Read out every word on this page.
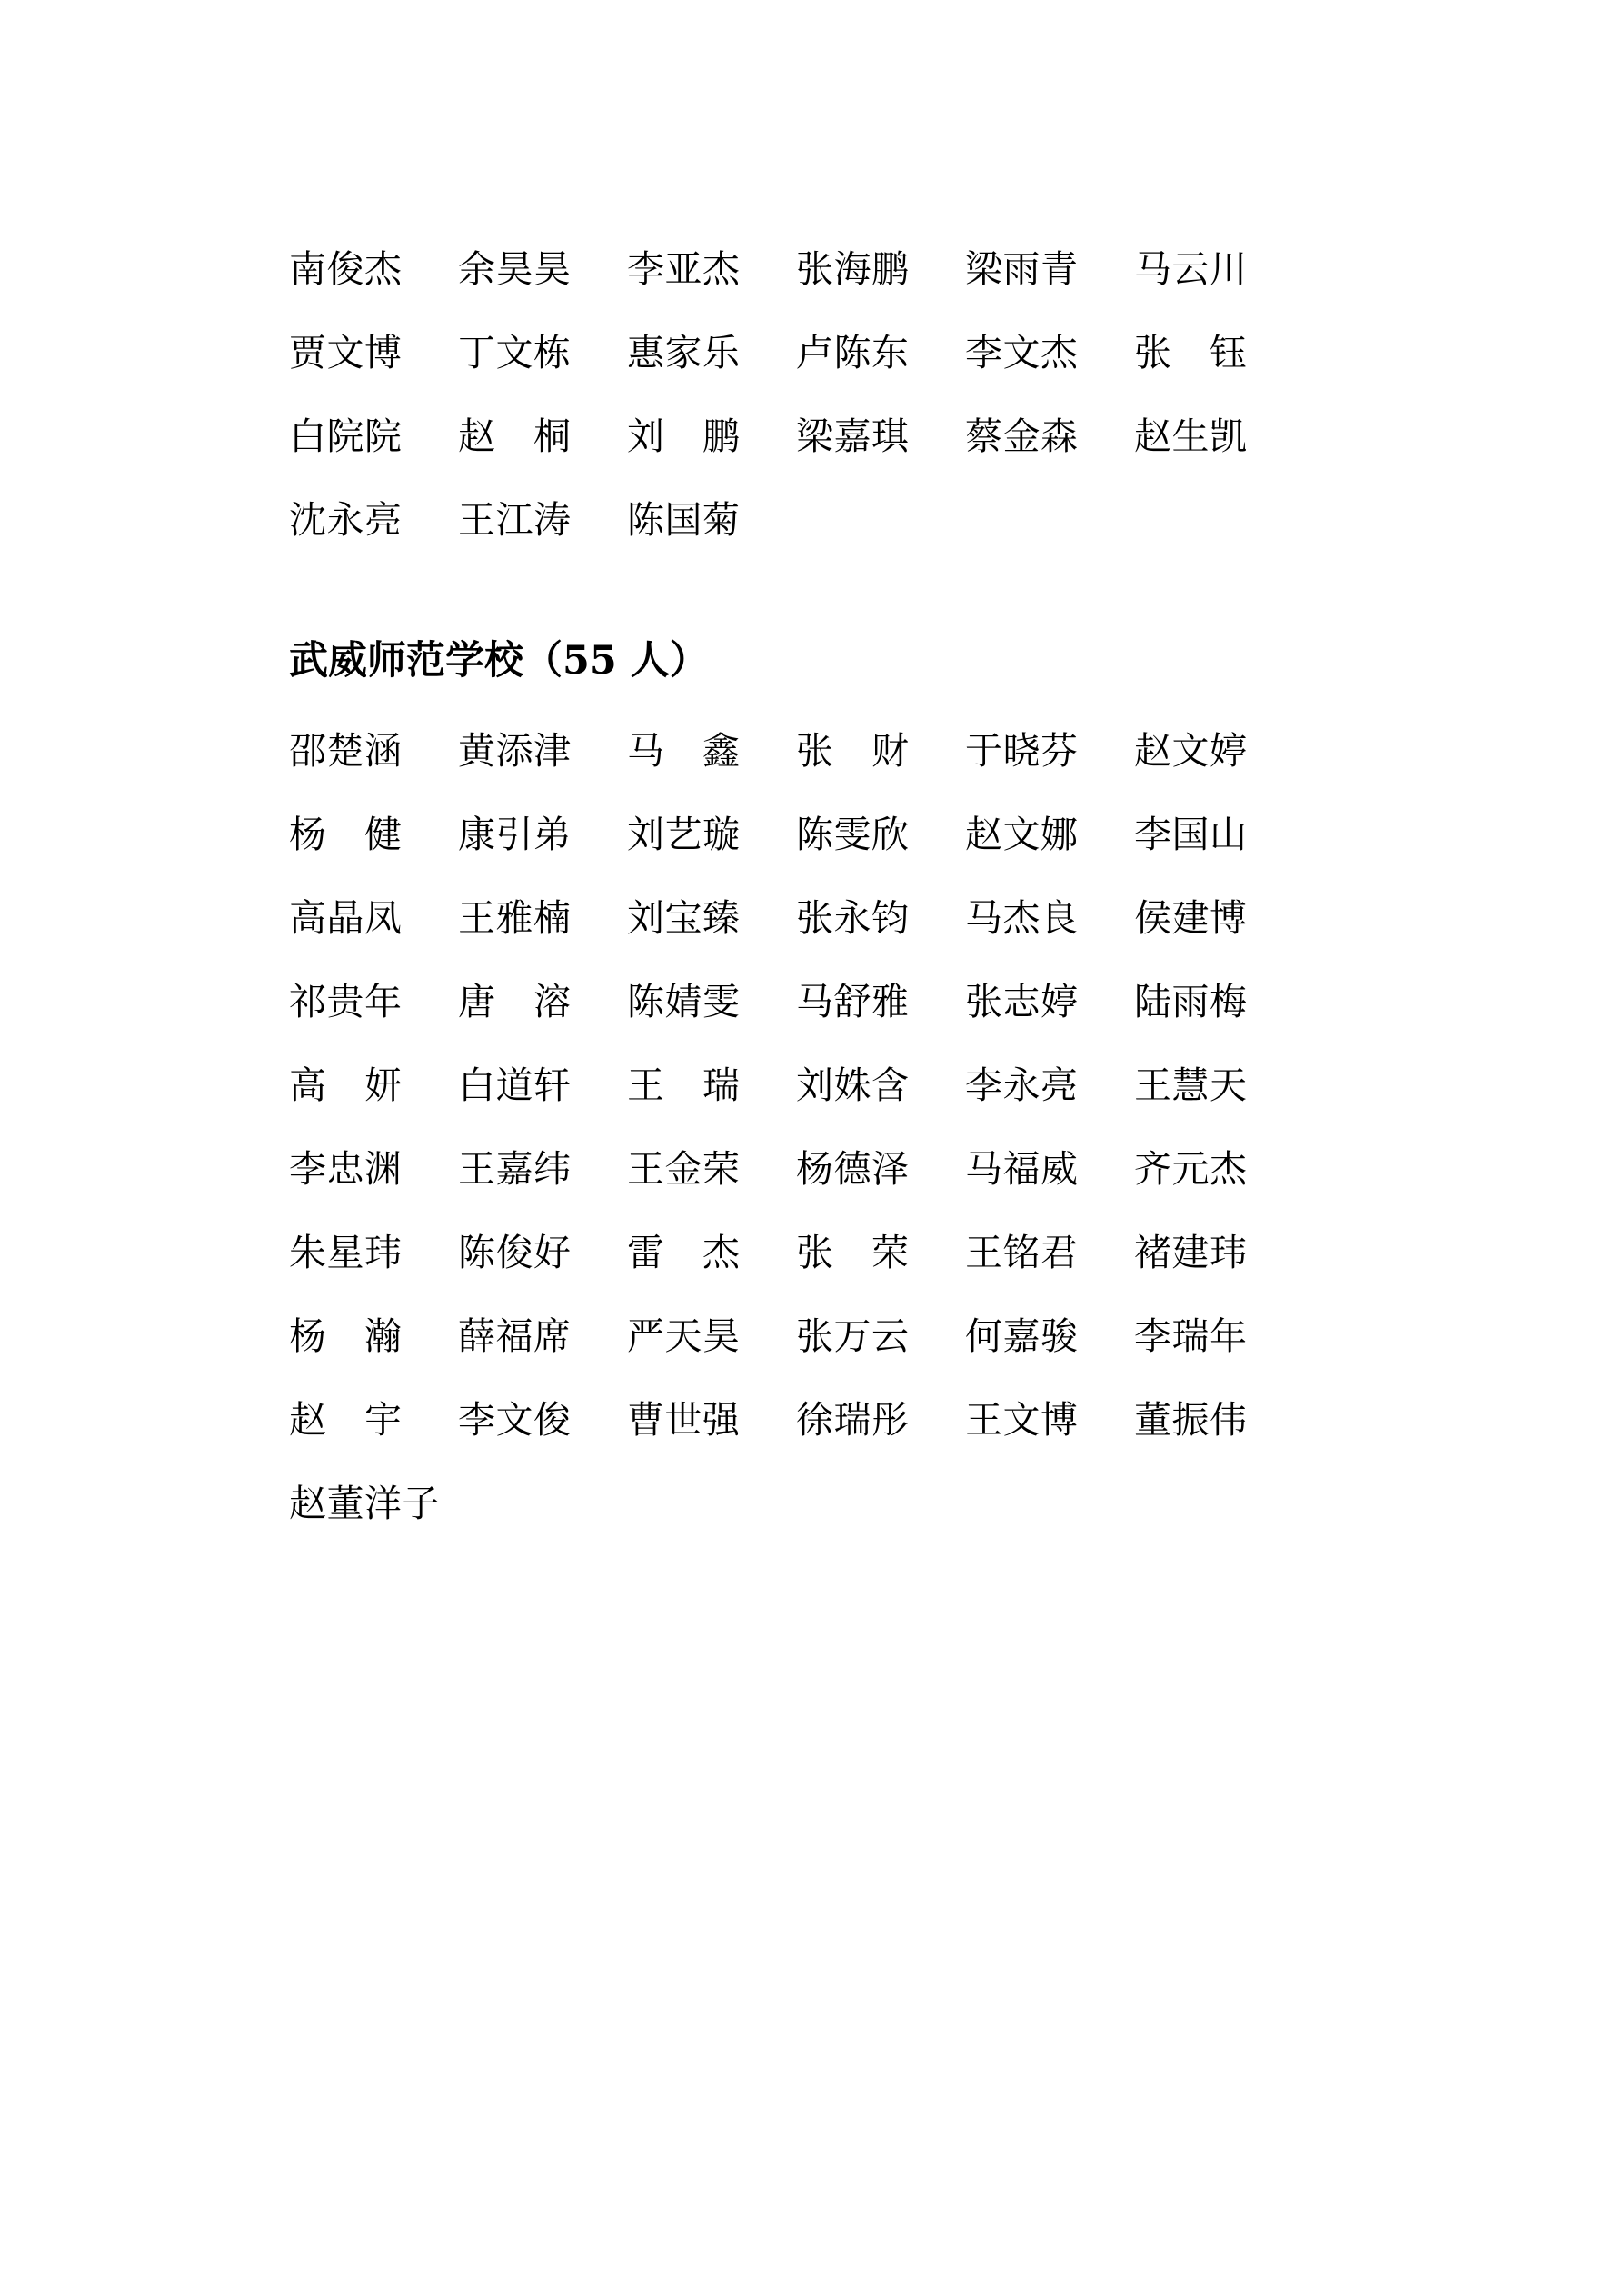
南俊杰	余昊昊	李亚杰	张海鹏	梁雨青	马云川
贾文博	丁文栋	惠家乐	卢陈东	李文杰	张　钰
白院院	赵　桐	刘　鹏	梁嘉琪	蔡金森	赵生凯
沈永亮	王江涛	陈国菊
武威师范学校（55 人）
邵楚涵	黄添津	马　鑫	张　财	于晓芬	赵文婷
杨　健	康引弟	刘艺璇	陈雯欣	赵文娜	李国山
高晶凤	王雅楠	刘宝臻	张永钧	马杰良	侯建博
祁贵年	唐　溶	陈婧雯	马舒雅	张志婷	陆雨梅
高　妍	白道轩	王　瑞	刘姝含	李永亮	王慧天
李忠渊	王嘉纬	王金荣	杨德泽	马福威	齐元杰
朱星玮	陈俊好	雷　杰	张　荣	王铭君	褚建玮
杨　瀚	薛福席	严天昊	张万云	何嘉骏	李瑞年
赵　宇	李文俊	曹世强	徐瑞彤	王文博	董振伟
赵董洋子
